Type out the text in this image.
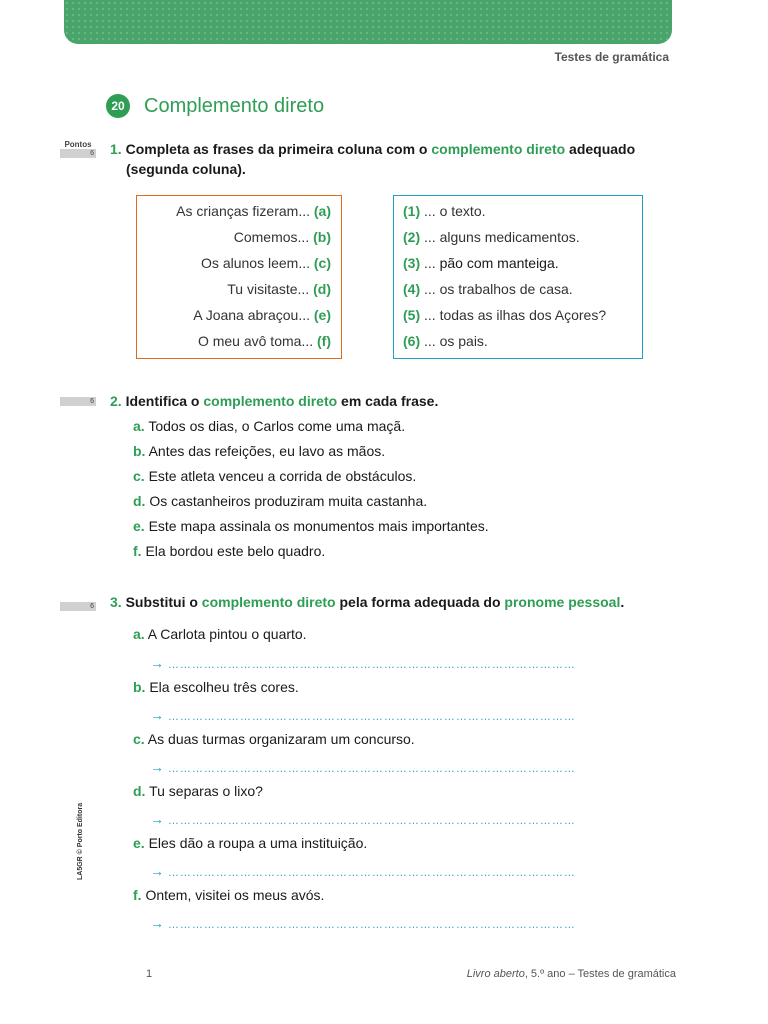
Testes de gramática
20 Complemento direto
Pontos
6 1. Completa as frases da primeira coluna com o complemento direto adequado
(segunda coluna).
As crianças fizeram... (a)
Comemos... (b)
Os alunos leem... (c)
Tu visitaste... (d)
A Joana abraçou... (e)
O meu avô toma... (f)
(1) ... o texto.
(2) ... alguns medicamentos.
(3) ... pão com manteiga.
(4) ... os trabalhos de casa.
(5) ... todas as ilhas dos Açores?
(6) ... os pais.
6 2. Identifica o complemento direto em cada frase.
a. Todos os dias, o Carlos come uma maçã.
b. Antes das refeições, eu lavo as mãos.
c. Este atleta venceu a corrida de obstáculos.
d. Os castanheiros produziram muita castanha.
e. Este mapa assinala os monumentos mais importantes.
f. Ela bordou este belo quadro.
6 3. Substitui o complemento direto pela forma adequada do pronome pessoal.
a. A Carlota pintou o quarto.
→ …………………………………………………………………………………………
b. Ela escolheu três cores.
→ …………………………………………………………………………………………
c. As duas turmas organizaram um concurso.
→ …………………………………………………………………………………………
d. Tu separas o lixo?
→ …………………………………………………………………………………………
e. Eles dão a roupa a uma instituição.
→ …………………………………………………………………………………………
f. Ontem, visitei os meus avós.
→ …………………………………………………………………………………………
LA5GR © Porto Editora
1	Livro aberto, 5.º ano – Testes de gramática
